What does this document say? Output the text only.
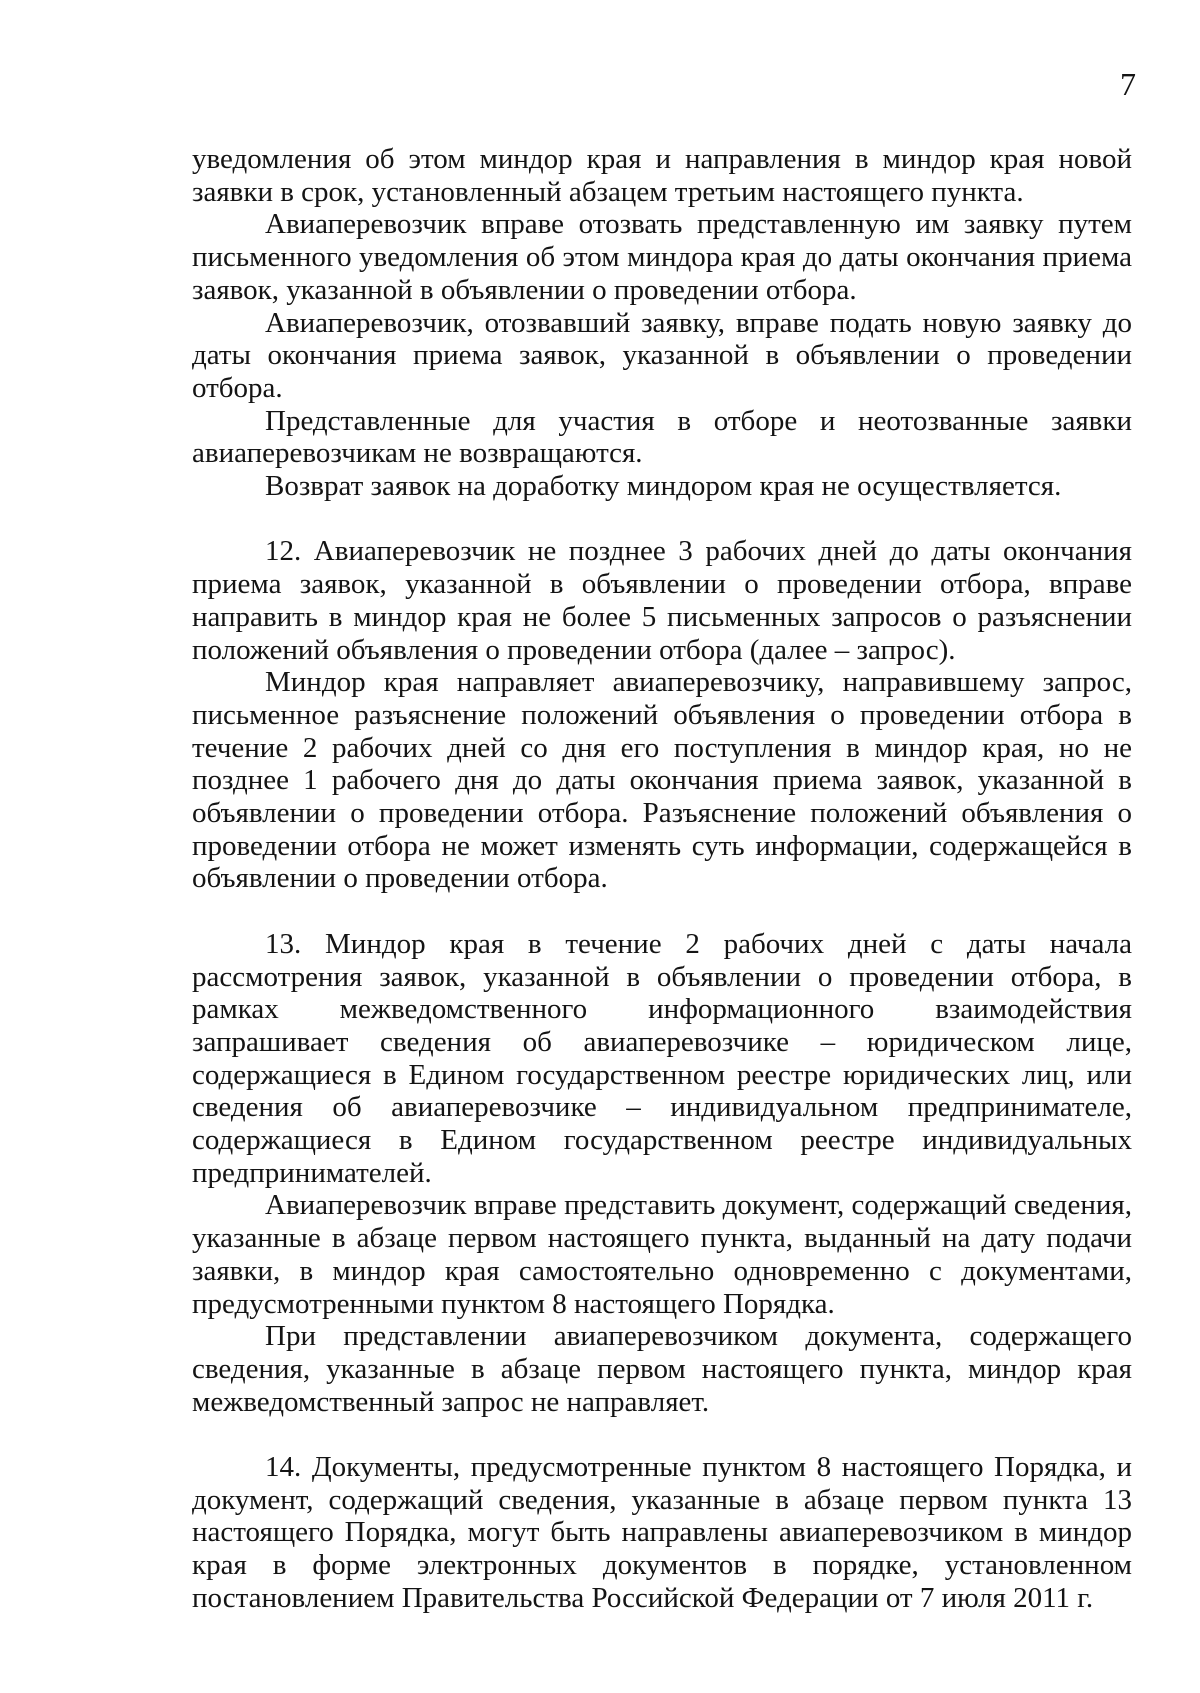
7

уведомления об этом миндор края и направления в миндор края новой заявки в срок, установленный абзацем третьим настоящего пункта.

Авиаперевозчик вправе отозвать представленную им заявку путем письменного уведомления об этом миндора края до даты окончания приема заявок, указанной в объявлении о проведении отбора.

Авиаперевозчик, отозвавший заявку, вправе подать новую заявку до даты окончания приема заявок, указанной в объявлении о проведении отбора.

Представленные для участия в отборе и неотозванные заявки авиаперевозчикам не возвращаются.

Возврат заявок на доработку миндором края не осуществляется.

12. Авиаперевозчик не позднее 3 рабочих дней до даты окончания приема заявок, указанной в объявлении о проведении отбора, вправе направить в миндор края не более 5 письменных запросов о разъяснении положений объявления о проведении отбора (далее – запрос).

Миндор края направляет авиаперевозчику, направившему запрос, письменное разъяснение положений объявления о проведении отбора в течение 2 рабочих дней со дня его поступления в миндор края, но не позднее 1 рабочего дня до даты окончания приема заявок, указанной в объявлении о проведении отбора. Разъяснение положений объявления о проведении отбора не может изменять суть информации, содержащейся в объявлении о проведении отбора.

13. Миндор края в течение 2 рабочих дней с даты начала рассмотрения заявок, указанной в объявлении о проведении отбора, в рамках межведомственного информационного взаимодействия запрашивает сведения об авиаперевозчике – юридическом лице, содержащиеся в Едином государственном реестре юридических лиц, или сведения об авиаперевозчике – индивидуальном предпринимателе, содержащиеся в Едином государственном реестре индивидуальных предпринимателей.

Авиаперевозчик вправе представить документ, содержащий сведения, указанные в абзаце первом настоящего пункта, выданный на дату подачи заявки, в миндор края самостоятельно одновременно с документами, предусмотренными пунктом 8 настоящего Порядка.

При представлении авиаперевозчиком документа, содержащего сведения, указанные в абзаце первом настоящего пункта, миндор края межведомственный запрос не направляет.

14. Документы, предусмотренные пунктом 8 настоящего Порядка, и документ, содержащий сведения, указанные в абзаце первом пункта 13 настоящего Порядка, могут быть направлены авиаперевозчиком в миндор края в форме электронных документов в порядке, установленном постановлением Правительства Российской Федерации от 7 июля 2011 г.
